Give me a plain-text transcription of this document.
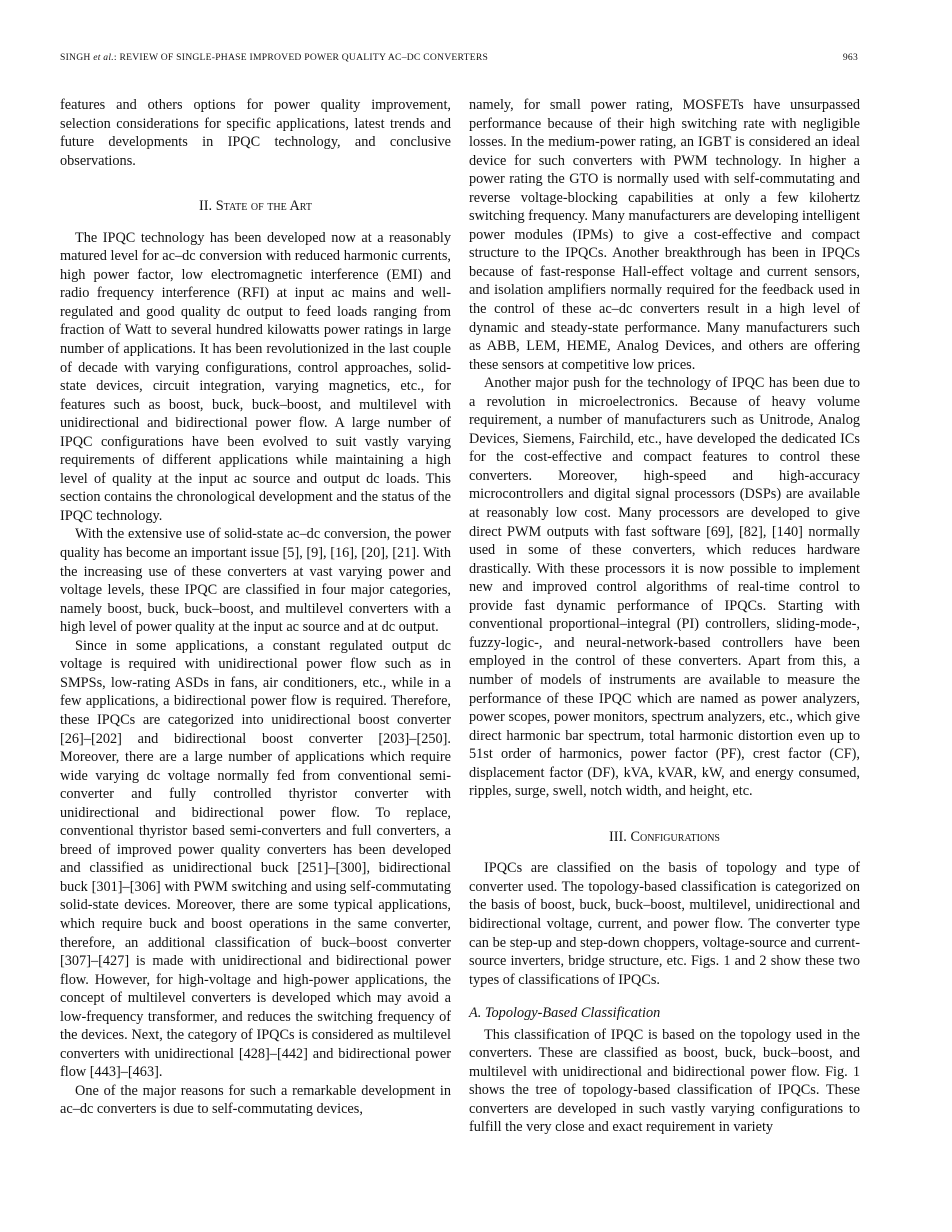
SINGH et al.: REVIEW OF SINGLE-PHASE IMPROVED POWER QUALITY AC–DC CONVERTERS	963

features and others options for power quality improvement, selection considerations for specific applications, latest trends and future developments in IPQC technology, and conclusive observations.

II. State of the Art

The IPQC technology has been developed now at a reasonably matured level for ac–dc conversion with reduced harmonic currents, high power factor, low electromagnetic interference (EMI) and radio frequency interference (RFI) at input ac mains and well-regulated and good quality dc output to feed loads ranging from fraction of Watt to several hundred kilowatts power ratings in large number of applications. It has been revolutionized in the last couple of decade with varying configurations, control approaches, solid-state devices, circuit integration, varying magnetics, etc., for features such as boost, buck, buck–boost, and multilevel with unidirectional and bidirectional power flow. A large number of IPQC configurations have been evolved to suit vastly varying requirements of different applications while maintaining a high level of quality at the input ac source and output dc loads. This section contains the chronological development and the status of the IPQC technology.

With the extensive use of solid-state ac–dc conversion, the power quality has become an important issue [5], [9], [16], [20], [21]. With the increasing use of these converters at vast varying power and voltage levels, these IPQC are classified in four major categories, namely boost, buck, buck–boost, and multilevel converters with a high level of power quality at the input ac source and at dc output.

Since in some applications, a constant regulated output dc voltage is required with unidirectional power flow such as in SMPSs, low-rating ASDs in fans, air conditioners, etc., while in a few applications, a bidirectional power flow is required. Therefore, these IPQCs are categorized into unidirectional boost converter [26]–[202] and bidirectional boost converter [203]–[250]. Moreover, there are a large number of applications which require wide varying dc voltage normally fed from conventional semi-converter and fully controlled thyristor converter with unidirectional and bidirectional power flow. To replace, conventional thyristor based semi-converters and full converters, a breed of improved power quality converters has been developed and classified as unidirectional buck [251]–[300], bidirectional buck [301]–[306] with PWM switching and using self-commutating solid-state devices. Moreover, there are some typical applications, which require buck and boost operations in the same converter, therefore, an additional classification of buck–boost converter [307]–[427] is made with unidirectional and bidirectional power flow. However, for high-voltage and high-power applications, the concept of multilevel converters is developed which may avoid a low-frequency transformer, and reduces the switching frequency of the devices. Next, the category of IPQCs is considered as multilevel converters with unidirectional [428]–[442] and bidirectional power flow [443]–[463].

One of the major reasons for such a remarkable development in ac–dc converters is due to self-commutating devices,

namely, for small power rating, MOSFETs have unsurpassed performance because of their high switching rate with negligible losses. In the medium-power rating, an IGBT is considered an ideal device for such converters with PWM technology. In higher a power rating the GTO is normally used with self-commutating and reverse voltage-blocking capabilities at only a few kilohertz switching frequency. Many manufacturers are developing intelligent power modules (IPMs) to give a cost-effective and compact structure to the IPQCs. Another breakthrough has been in IPQCs because of fast-response Hall-effect voltage and current sensors, and isolation amplifiers normally required for the feedback used in the control of these ac–dc converters result in a high level of dynamic and steady-state performance. Many manufacturers such as ABB, LEM, HEME, Analog Devices, and others are offering these sensors at competitive low prices.

Another major push for the technology of IPQC has been due to a revolution in microelectronics. Because of heavy volume requirement, a number of manufacturers such as Unitrode, Analog Devices, Siemens, Fairchild, etc., have developed the dedicated ICs for the cost-effective and compact features to control these converters. Moreover, high-speed and high-accuracy microcontrollers and digital signal processors (DSPs) are available at reasonably low cost. Many processors are developed to give direct PWM outputs with fast software [69], [82], [140] normally used in some of these converters, which reduces hardware drastically. With these processors it is now possible to implement new and improved control algorithms of real-time control to provide fast dynamic performance of IPQCs. Starting with conventional proportional–integral (PI) controllers, sliding-mode-, fuzzy-logic-, and neural-network-based controllers have been employed in the control of these converters. Apart from this, a number of models of instruments are available to measure the performance of these IPQC which are named as power analyzers, power scopes, power monitors, spectrum analyzers, etc., which give direct harmonic bar spectrum, total harmonic distortion even up to 51st order of harmonics, power factor (PF), crest factor (CF), displacement factor (DF), kVA, kVAR, kW, and energy consumed, ripples, surge, swell, notch width, and height, etc.

III. Configurations

IPQCs are classified on the basis of topology and type of converter used. The topology-based classification is categorized on the basis of boost, buck, buck–boost, multilevel, unidirectional and bidirectional voltage, current, and power flow. The converter type can be step-up and step-down choppers, voltage-source and current-source inverters, bridge structure, etc. Figs. 1 and 2 show these two types of classifications of IPQCs.

A. Topology-Based Classification

This classification of IPQC is based on the topology used in the converters. These are classified as boost, buck, buck–boost, and multilevel with unidirectional and bidirectional power flow. Fig. 1 shows the tree of topology-based classification of IPQCs. These converters are developed in such vastly varying configurations to fulfill the very close and exact requirement in variety
